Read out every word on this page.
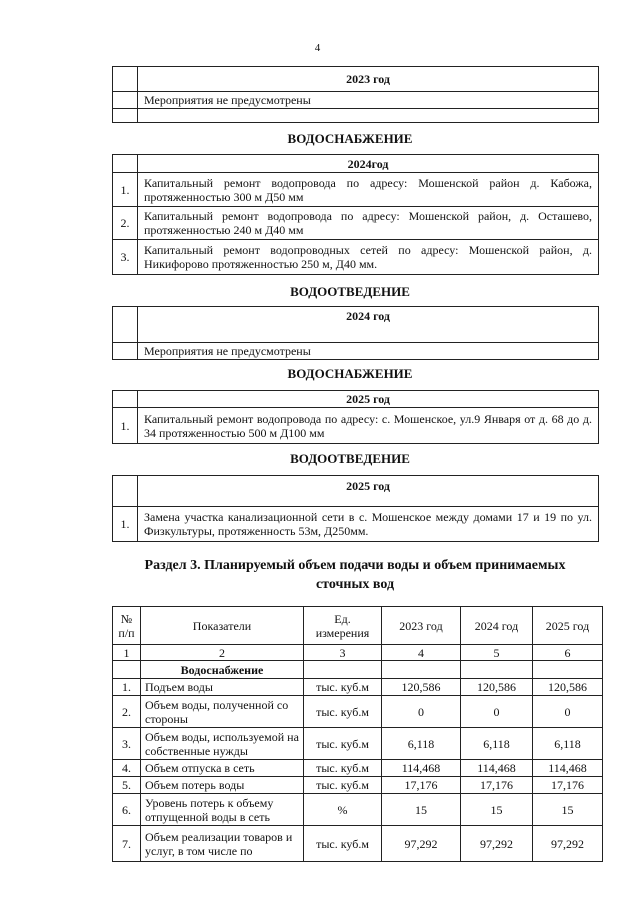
4
	2023 год
	Мероприятия не предусмотрены

ВОДОСНАБЖЕНИЕ
	2024год
1.	Капитальный ремонт водопровода по адресу: Мошенской район д. Кабожа, протяженностью 300 м Д50 мм
2.	Капитальный ремонт водопровода по адресу: Мошенской район, д. Осташево, протяженностью 240 м Д40 мм
3.	Капитальный ремонт водопроводных сетей по адресу: Мошенской район, д. Никифорово протяженностью 250 м, Д40 мм.
ВОДООТВЕДЕНИЕ
	2024 год
	Мероприятия не предусмотрены
ВОДОСНАБЖЕНИЕ
	2025 год
1.	Капитальный ремонт водопровода по адресу: с. Мошенское, ул.9 Января от д. 68 до д. 34 протяженностью 500 м Д100 мм
ВОДООТВЕДЕНИЕ
	2025 год
1.	Замена участка канализационной сети в с. Мошенское между домами 17 и 19 по ул. Физкультуры, протяженность 53м, Д250мм.
Раздел 3. Планируемый объем подачи воды и объем принимаемых сточных вод
№ п/п	Показатели	Ед. измерения	2023 год	2024 год	2025 год
1	2	3	4	5	6
	Водоснабжение				
1.	Подъем воды	тыс. куб.м	120,586	120,586	120,586
2.	Объем воды, полученной со стороны	тыс. куб.м	0	0	0
3.	Объем воды, используемой на собственные нужды	тыс. куб.м	6,118	6,118	6,118
4.	Объем отпуска в сеть	тыс. куб.м	114,468	114,468	114,468
5.	Объем потерь воды	тыс. куб.м	17,176	17,176	17,176
6.	Уровень потерь к объему отпущенной воды в сеть	%	15	15	15
7.	Объем реализации товаров и услуг, в том числе по	тыс. куб.м	97,292	97,292	97,292
